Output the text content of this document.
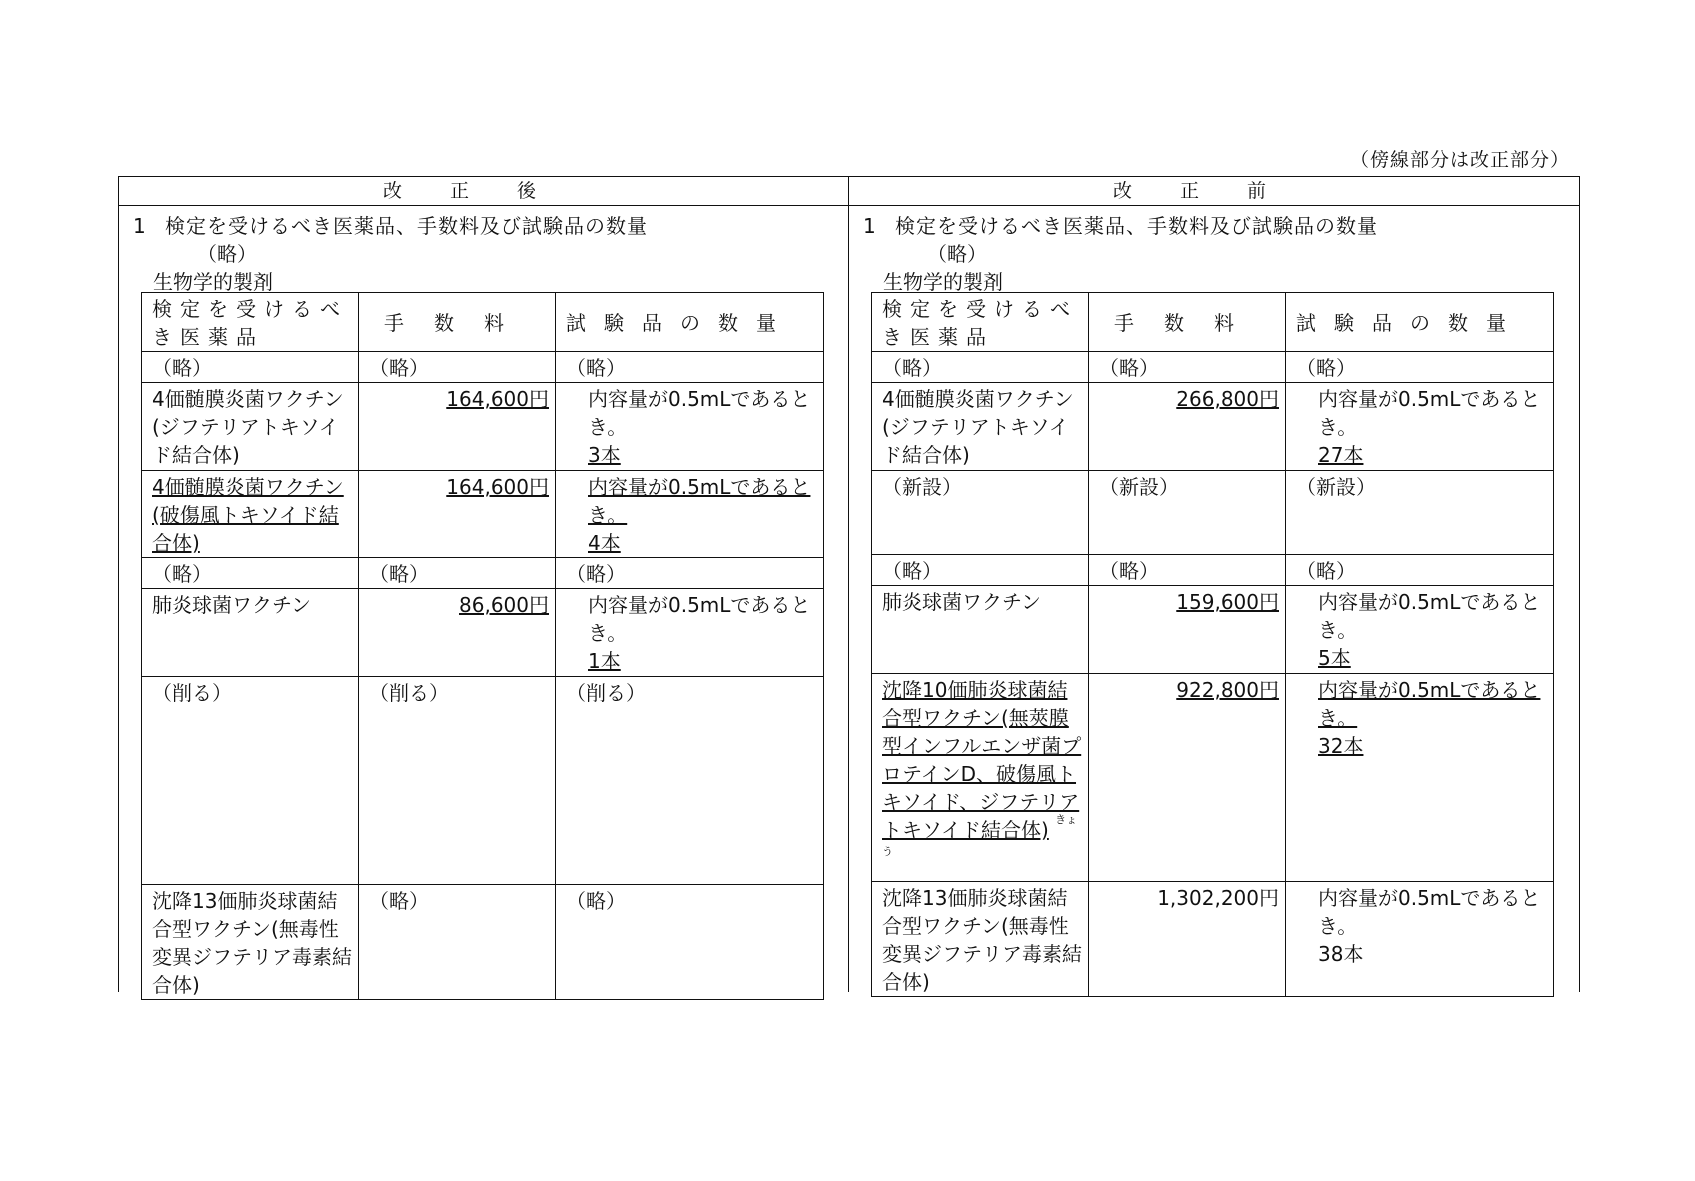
（傍線部分は改正部分）
改正後	改正前
1 検定を受けるべき医薬品、手数料及び試験品の数量
（略）
生物学的製剤
検定を受けるべき医薬品	手数料	試験品の数量
（略）	（略）	（略）
4価髄膜炎菌ワクチン(ジフテリアトキソイド結合体)	164,600円	内容量が0.5mLであるとき。
3本

4価髄膜炎菌ワクチン(破傷風トキソイド結合体)	164,600円	内容量が0.5mLであるとき。
4本

（略）	（略）	（略）
肺炎球菌ワクチン	86,600円	内容量が0.5mLであるとき。
1本

（削る）	（削る）	（削る）
沈降13価肺炎球菌結合型ワクチン(無毒性変異ジフテリア毒素結合体)	（略）	（略）
1 検定を受けるべき医薬品、手数料及び試験品の数量
（略）
生物学的製剤
検定を受けるべき医薬品	手数料	試験品の数量
（略）	（略）	（略）
4価髄膜炎菌ワクチン(ジフテリアトキソイド結合体)	266,800円	内容量が0.5mLであるとき。
27本

（新設）	（新設）	（新設）
（略）	（略）	（略）
肺炎球菌ワクチン	159,600円	内容量が0.5mLであるとき。
5本

沈降10価肺炎球菌結合型ワクチン(無莢膜型インフルエンザ菌プロテインD、破傷風トキソイド、ジフテリアトキソイド結合体) $^{きょう}$	922,800円	内容量が0.5mLであるとき。
32本

沈降13価肺炎球菌結合型ワクチン(無毒性変異ジフテリア毒素結合体)	1,302,200円	内容量が0.5mLであるとき。
38本
